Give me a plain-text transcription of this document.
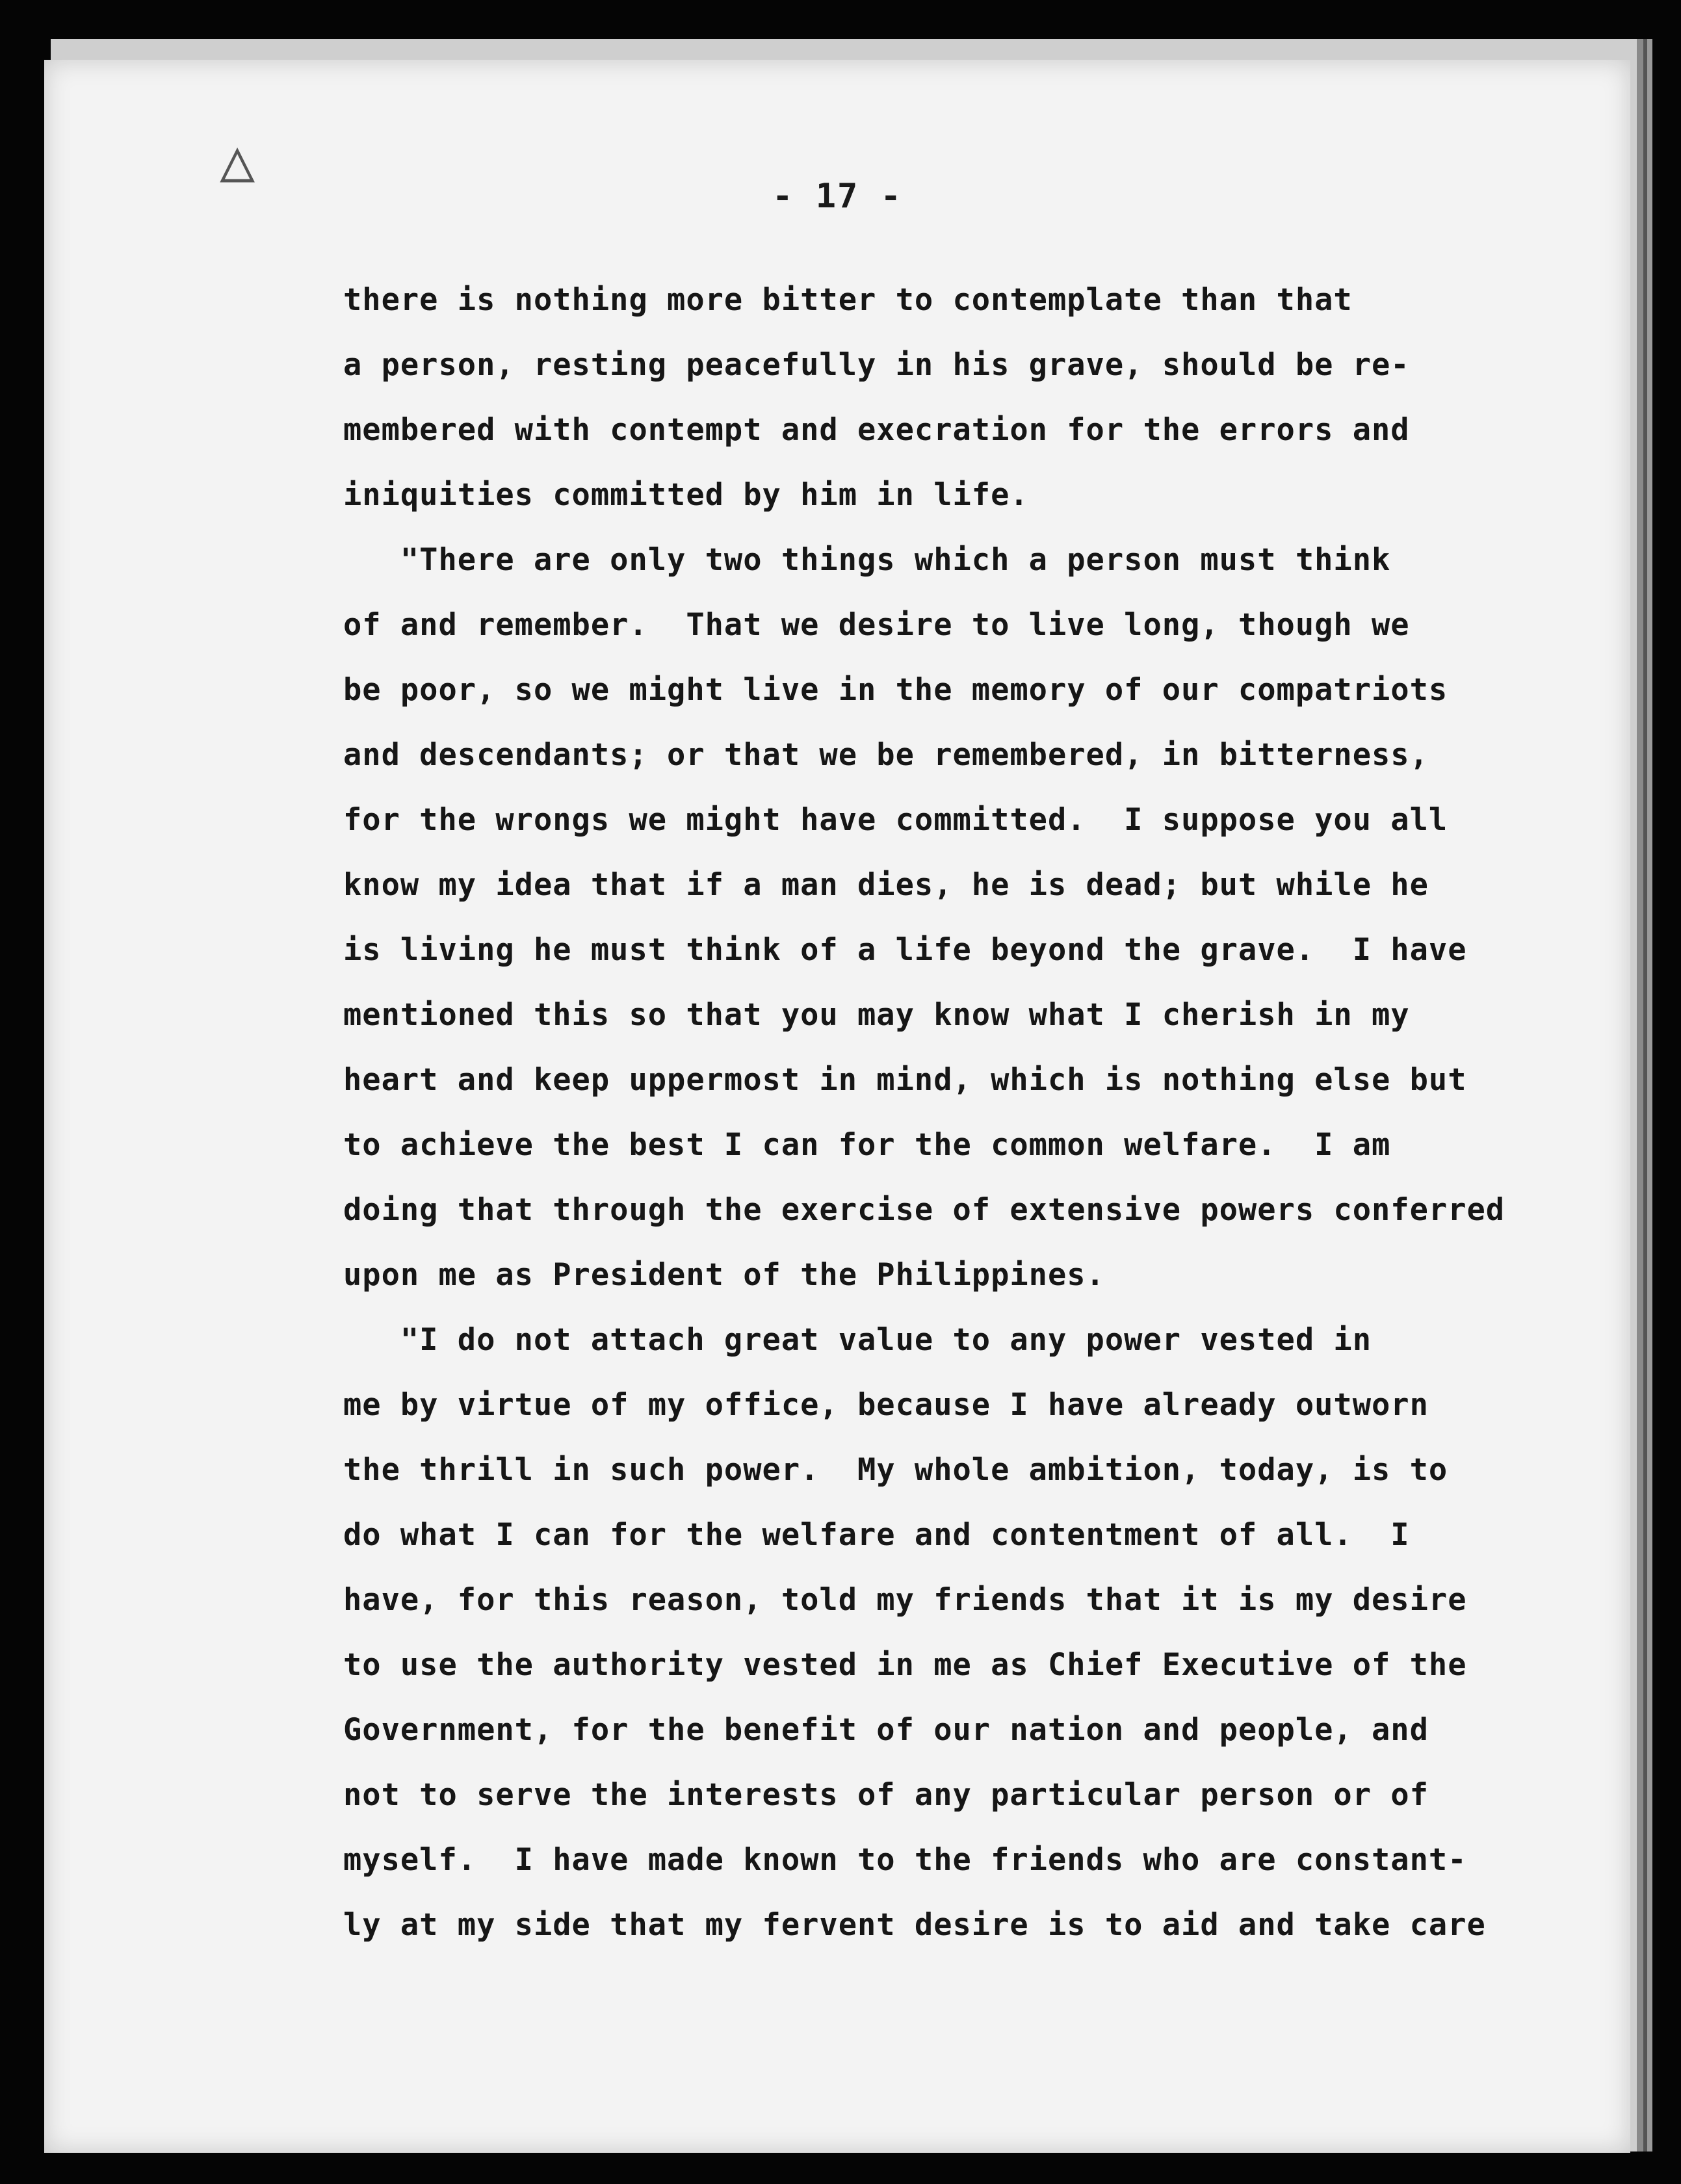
△
- 17 -
there is nothing more bitter to contemplate than that
a person, resting peacefully in his grave, should be re-
membered with contempt and execration for the errors and
iniquities committed by him in life.
"There are only two things which a person must think
of and remember.  That we desire to live long, though we
be poor, so we might live in the memory of our compatriots
and descendants; or that we be remembered, in bitterness,
for the wrongs we might have committed.  I suppose you all
know my idea that if a man dies, he is dead; but while he
is living he must think of a life beyond the grave.  I have
mentioned this so that you may know what I cherish in my
heart and keep uppermost in mind, which is nothing else but
to achieve the best I can for the common welfare.  I am
doing that through the exercise of extensive powers conferred
upon me as President of the Philippines.
"I do not attach great value to any power vested in
me by virtue of my office, because I have already outworn
the thrill in such power.  My whole ambition, today, is to
do what I can for the welfare and contentment of all.  I
have, for this reason, told my friends that it is my desire
to use the authority vested in me as Chief Executive of the
Government, for the benefit of our nation and people, and
not to serve the interests of any particular person or of
myself.  I have made known to the friends who are constant-
ly at my side that my fervent desire is to aid and take care
